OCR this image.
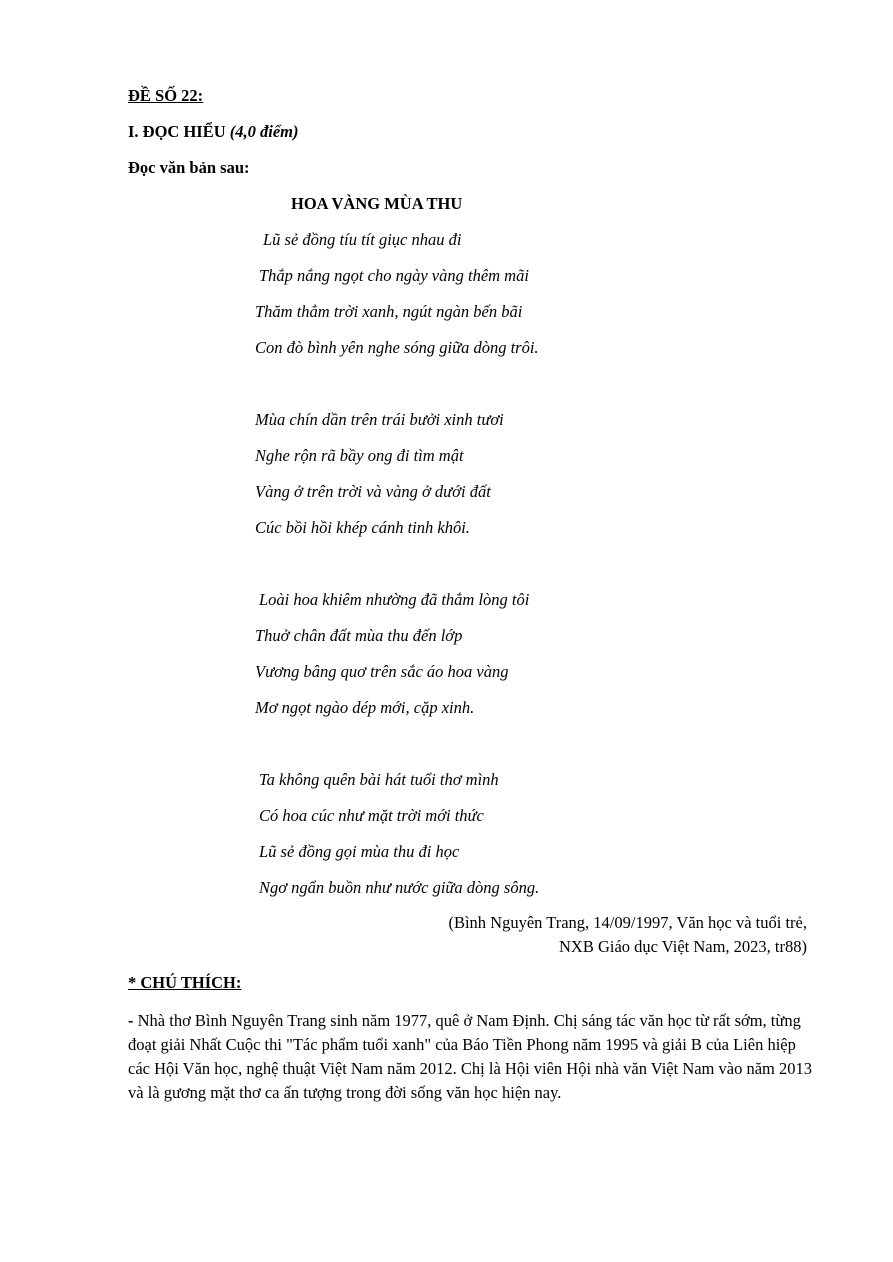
ĐỀ SỐ 22:
I. ĐỌC HIỂU (4,0 điểm)
Đọc văn bản sau:
HOA VÀNG MÙA THU
Lũ sẻ đồng tíu tít giục nhau đi
Thắp nắng ngọt cho ngày vàng thêm mãi
Thăm thẳm trời xanh, ngút ngàn bến bãi
Con đò bình yên nghe sóng giữa dòng trôi.
Mùa chín dần trên trái bưởi xinh tươi
Nghe rộn rã bầy ong đi tìm mật
Vàng ở trên trời và vàng ở dưới đất
Cúc bồi hồi khép cánh tinh khôi.
Loài hoa khiêm nhường đã thắm lòng tôi
Thuở chân đất mùa thu đến lớp
Vương bâng quơ trên sắc áo hoa vàng
Mơ ngọt ngào dép mới, cặp xinh.
Ta không quên bài hát tuổi thơ mình
Có hoa cúc như mặt trời mới thức
Lũ sẻ đồng gọi mùa thu đi học
Ngơ ngẩn buồn như nước giữa dòng sông.
(Bình Nguyên Trang, 14/09/1997, Văn học và tuổi trẻ,
NXB Giáo dục Việt Nam, 2023, tr88)
* CHÚ THÍCH:
- Nhà thơ Bình Nguyên Trang sinh năm 1977, quê ở Nam Định. Chị sáng tác văn học từ rất sớm, từng đoạt giải Nhất Cuộc thi "Tác phẩm tuổi xanh" của Báo Tiền Phong năm 1995 và giải B của Liên hiệp các Hội Văn học, nghệ thuật Việt Nam năm 2012. Chị là Hội viên Hội nhà văn Việt Nam vào năm 2013 và là gương mặt thơ ca ấn tượng trong đời sống văn học hiện nay.
